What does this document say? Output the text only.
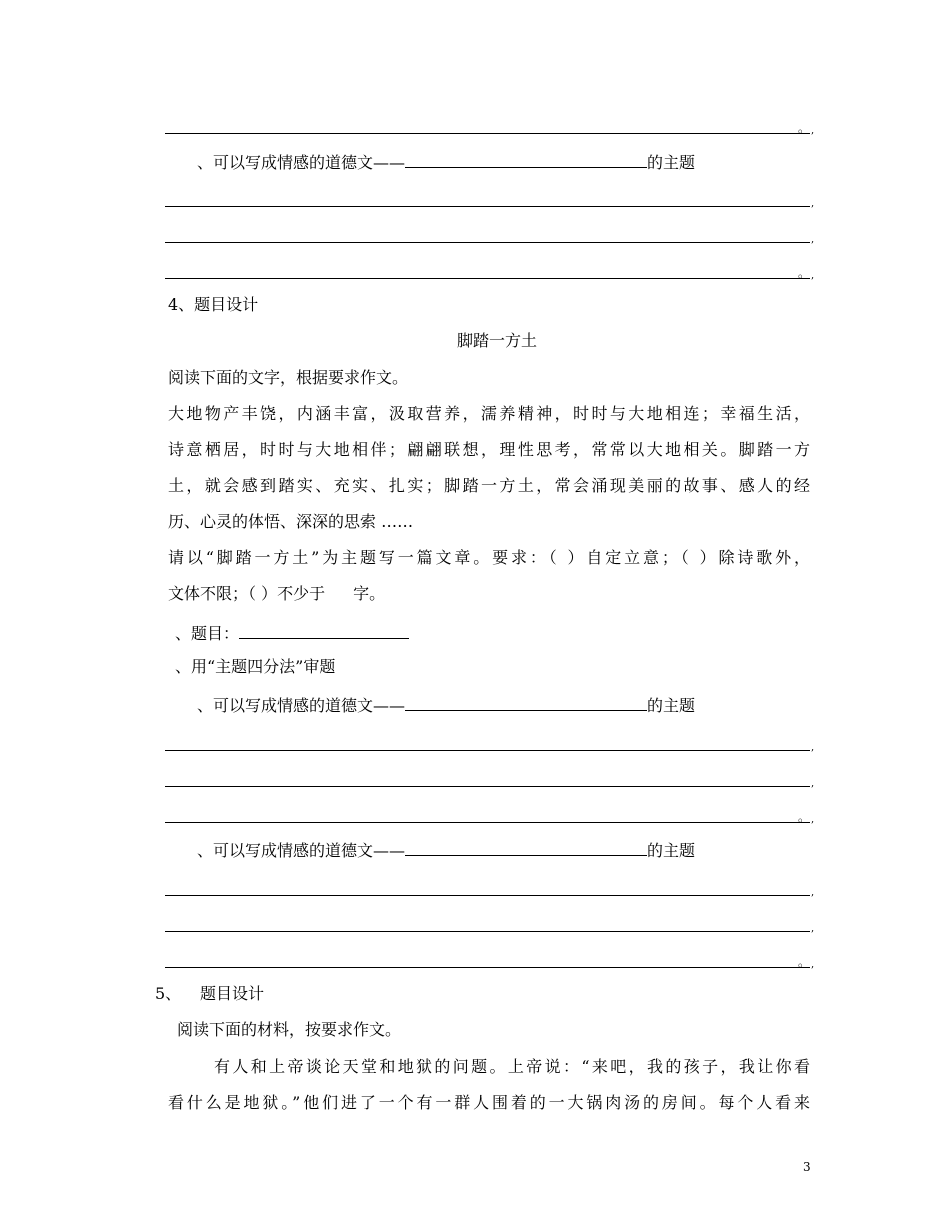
。 ,
、可以写成情感的道德文——	的主题
,
,
。 ,
4、题目设计
脚踏一方土
阅读下面的文字，根据要求作文。
大地物产丰饶，内涵丰富，汲取营养，濡养精神，时时与大地相连；幸福生活，
诗意栖居，时时与大地相伴；翩翩联想，理性思考，常常以大地相关。脚踏一方
土，就会感到踏实、充实、扎实；脚踏一方土，常会涌现美丽的故事、感人的经
历、心灵的体悟、深深的思索 ……
请以“脚踏一方土”为主题写一篇文章。要求：（ ）自定立意；（ ）除诗歌外，
文体不限；（ ）不少于 字。
、题目：
、用“主题四分法”审题
、可以写成情感的道德文——	的主题
,
,
。 ,
、可以写成情感的道德文——	的主题
,
,
。 ,
5、 题目设计
阅读下面的材料，按要求作文。
有人和上帝谈论天堂和地狱的问题。上帝说：“来吧，我的孩子，我让你看
看什么是地狱。”他们进了一个有一群人围着的一大锅肉汤的房间。每个人看来
3
